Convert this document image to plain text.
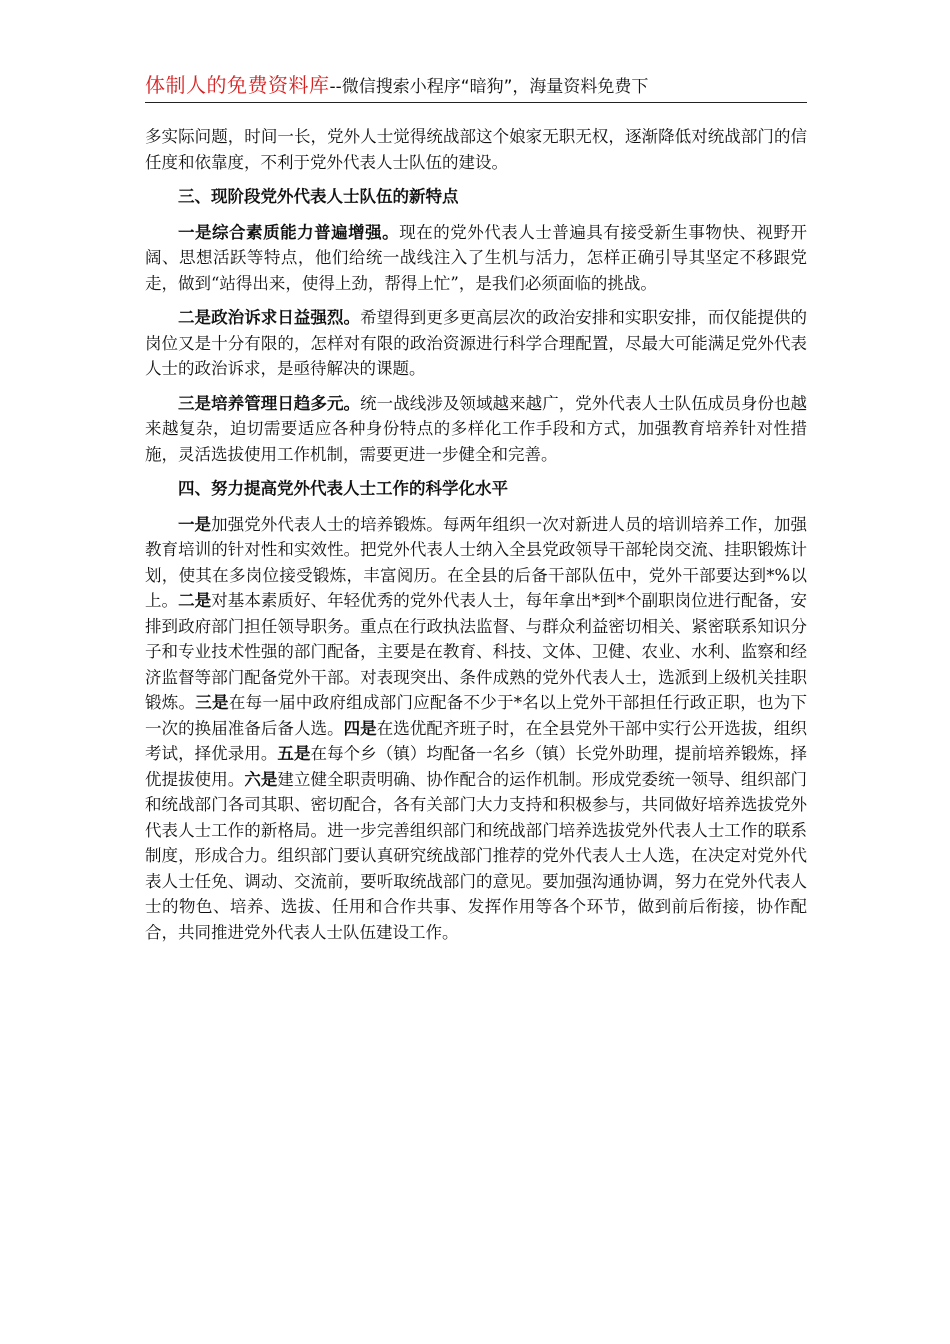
体制人的免费资料库--微信搜索小程序“暗狗”，海量资料免费下

多实际问题，时间一长，党外人士觉得统战部这个娘家无职无权，逐渐降低对统战部门的信任度和依靠度，不利于党外代表人士队伍的建设。

三、现阶段党外代表人士队伍的新特点

一是综合素质能力普遍增强。现在的党外代表人士普遍具有接受新生事物快、视野开阔、思想活跃等特点，他们给统一战线注入了生机与活力，怎样正确引导其坚定不移跟党走，做到“站得出来，使得上劲，帮得上忙”，是我们必须面临的挑战。

二是政治诉求日益强烈。希望得到更多更高层次的政治安排和实职安排，而仅能提供的岗位又是十分有限的，怎样对有限的政治资源进行科学合理配置，尽最大可能满足党外代表人士的政治诉求，是亟待解决的课题。

三是培养管理日趋多元。统一战线涉及领域越来越广，党外代表人士队伍成员身份也越来越复杂，迫切需要适应各种身份特点的多样化工作手段和方式，加强教育培养针对性措施，灵活选拔使用工作机制，需要更进一步健全和完善。

四、努力提高党外代表人士工作的科学化水平

一是加强党外代表人士的培养锻炼。每两年组织一次对新进人员的培训培养工作，加强教育培训的针对性和实效性。把党外代表人士纳入全县党政领导干部轮岗交流、挂职锻炼计划，使其在多岗位接受锻炼，丰富阅历。在全县的后备干部队伍中，党外干部要达到*%以上。二是对基本素质好、年轻优秀的党外代表人士，每年拿出*到*个副职岗位进行配备，安排到政府部门担任领导职务。重点在行政执法监督、与群众利益密切相关、紧密联系知识分子和专业技术性强的部门配备，主要是在教育、科技、文体、卫健、农业、水利、监察和经济监督等部门配备党外干部。对表现突出、条件成熟的党外代表人士，选派到上级机关挂职锻炼。三是在每一届中政府组成部门应配备不少于*名以上党外干部担任行政正职，也为下一次的换届准备后备人选。四是在选优配齐班子时，在全县党外干部中实行公开选拔，组织考试，择优录用。五是在每个乡（镇）均配备一名乡（镇）长党外助理，提前培养锻炼，择优提拔使用。六是建立健全职责明确、协作配合的运作机制。形成党委统一领导、组织部门和统战部门各司其职、密切配合，各有关部门大力支持和积极参与，共同做好培养选拔党外代表人士工作的新格局。进一步完善组织部门和统战部门培养选拔党外代表人士工作的联系制度，形成合力。组织部门要认真研究统战部门推荐的党外代表人士人选，在决定对党外代表人士任免、调动、交流前，要听取统战部门的意见。要加强沟通协调，努力在党外代表人士的物色、培养、选拔、任用和合作共事、发挥作用等各个环节，做到前后衔接，协作配合，共同推进党外代表人士队伍建设工作。
